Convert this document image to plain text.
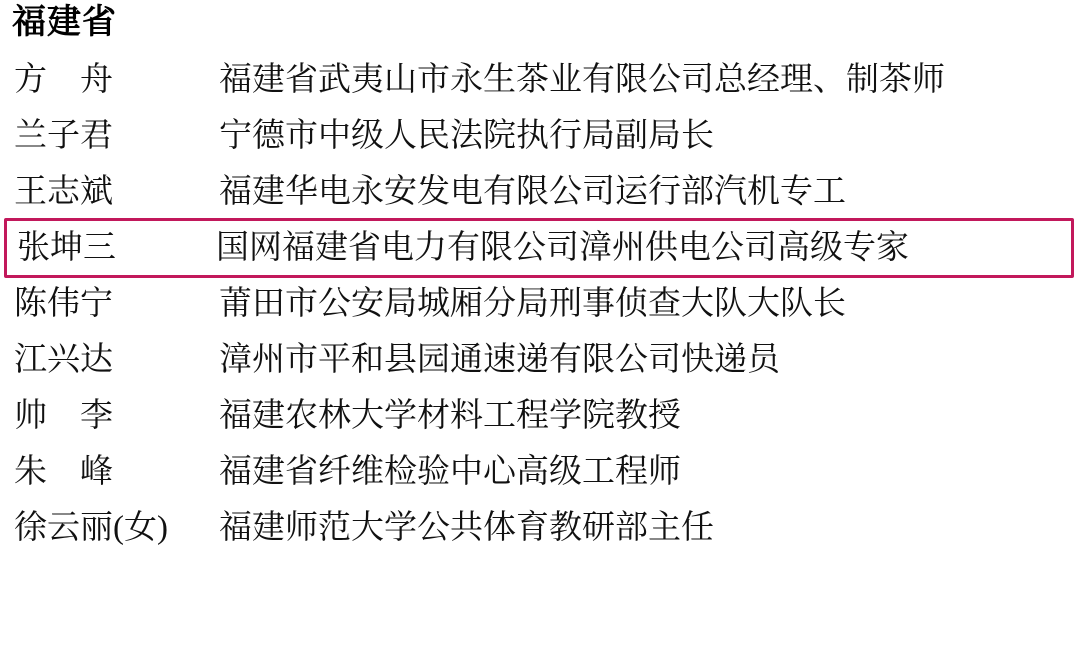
福建省
方　舟	福建省武夷山市永生茶业有限公司总经理、制茶师
兰子君	宁德市中级人民法院执行局副局长
王志斌	福建华电永安发电有限公司运行部汽机专工
张坤三	国网福建省电力有限公司漳州供电公司高级专家
陈伟宁	莆田市公安局城厢分局刑事侦查大队大队长
江兴达	漳州市平和县园通速递有限公司快递员
帅　李	福建农林大学材料工程学院教授
朱　峰	福建省纤维检验中心高级工程师
徐云丽(女)	福建师范大学公共体育教研部主任
